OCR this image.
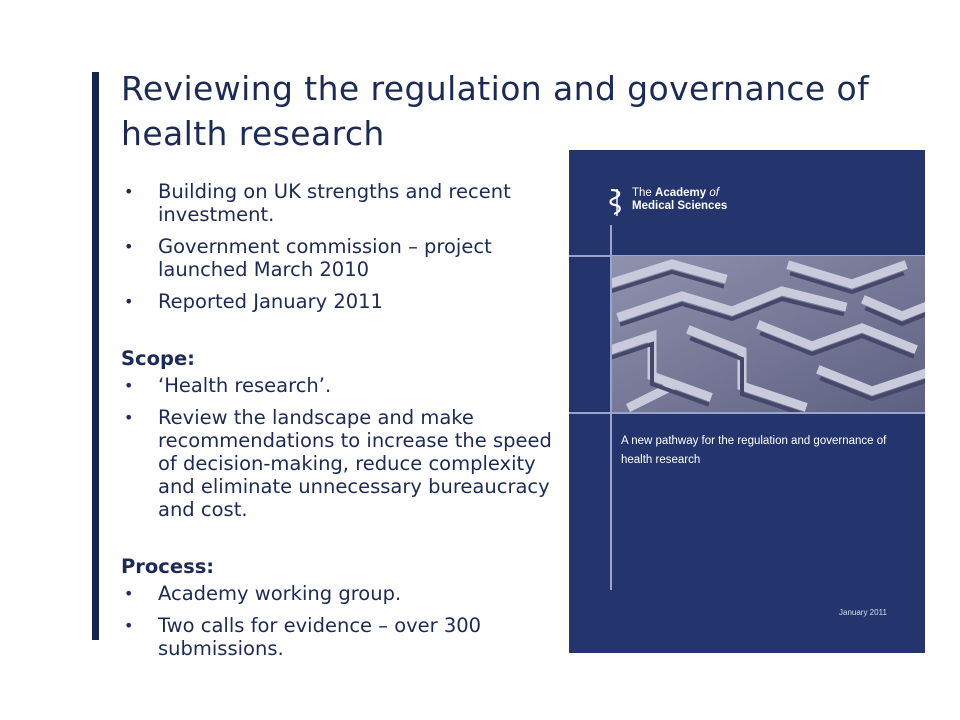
Reviewing the regulation and governance of health research
• Building on UK strengths and recent investment.
• Government commission – project launched March 2010
• Reported January 2011
Scope:
• ‘Health research’.
• Review the landscape and make recommendations to increase the speed of decision-making, reduce complexity and eliminate unnecessary bureaucracy and cost.
Process:
• Academy working group.
• Two calls for evidence – over 300 submissions.
The Academy of
Medical Sciences
A new pathway for the regulation and governance of health research
January 2011
